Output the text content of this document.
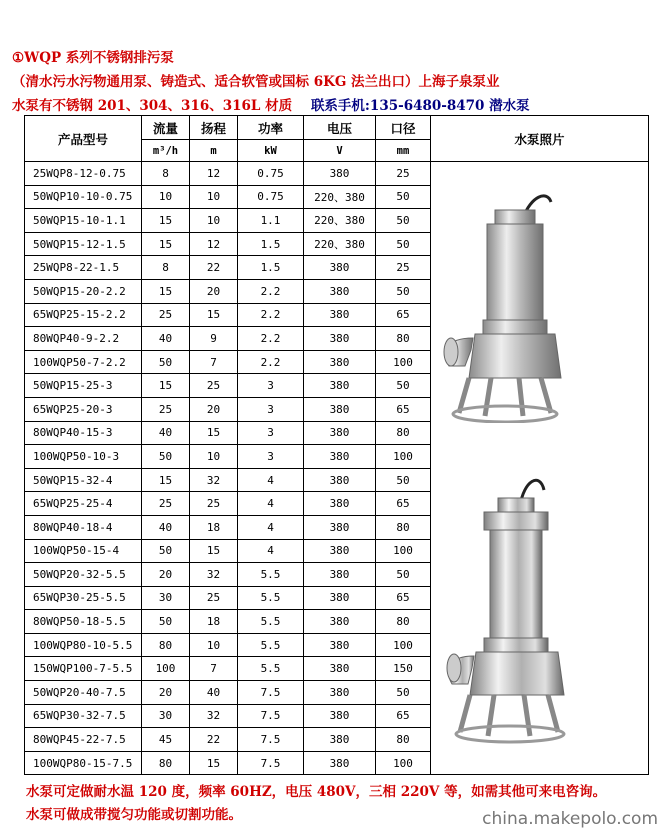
①WQP 系列不锈钢排污泵
（清水污水污物通用泵、铸造式、适合软管或国标 6KG 法兰出口）上海子泉泵业
水泵有不锈钢 201、304、316、316L 材质 联系手机:135-6480-8470 潜水泵
产品型号	流量	扬程	功率	电压	口径	水泵照片
	m³/h	m	kW	V	mm	
25WQP8-12-0.75	8	12	0.75	380	25	
50WQP10-10-0.75	10	10	0.75	220、380	50	
50WQP15-10-1.1	15	10	1.1	220、380	50	
50WQP15-12-1.5	15	12	1.5	220、380	50	
25WQP8-22-1.5	8	22	1.5	380	25	
50WQP15-20-2.2	15	20	2.2	380	50	
65WQP25-15-2.2	25	15	2.2	380	65	
80WQP40-9-2.2	40	9	2.2	380	80	
100WQP50-7-2.2	50	7	2.2	380	100	
50WQP15-25-3	15	25	3	380	50	
65WQP25-20-3	25	20	3	380	65	
80WQP40-15-3	40	15	3	380	80	
100WQP50-10-3	50	10	3	380	100	
50WQP15-32-4	15	32	4	380	50	
65WQP25-25-4	25	25	4	380	65	
80WQP40-18-4	40	18	4	380	80	
100WQP50-15-4	50	15	4	380	100	
50WQP20-32-5.5	20	32	5.5	380	50	
65WQP30-25-5.5	30	25	5.5	380	65	
80WQP50-18-5.5	50	18	5.5	380	80	
100WQP80-10-5.5	80	10	5.5	380	100	
150WQP100-7-5.5	100	7	5.5	380	150	
50WQP20-40-7.5	20	40	7.5	380	50	
65WQP30-32-7.5	30	32	7.5	380	65	
80WQP45-22-7.5	45	22	7.5	380	80	
100WQP80-15-7.5	80	15	7.5	380	100	
水泵可定做耐水温 120 度，频率 60HZ，电压 480V，三相 220V 等，如需其他可来电咨询。
水泵可做成带搅匀功能或切割功能。	china.makepolo.com
